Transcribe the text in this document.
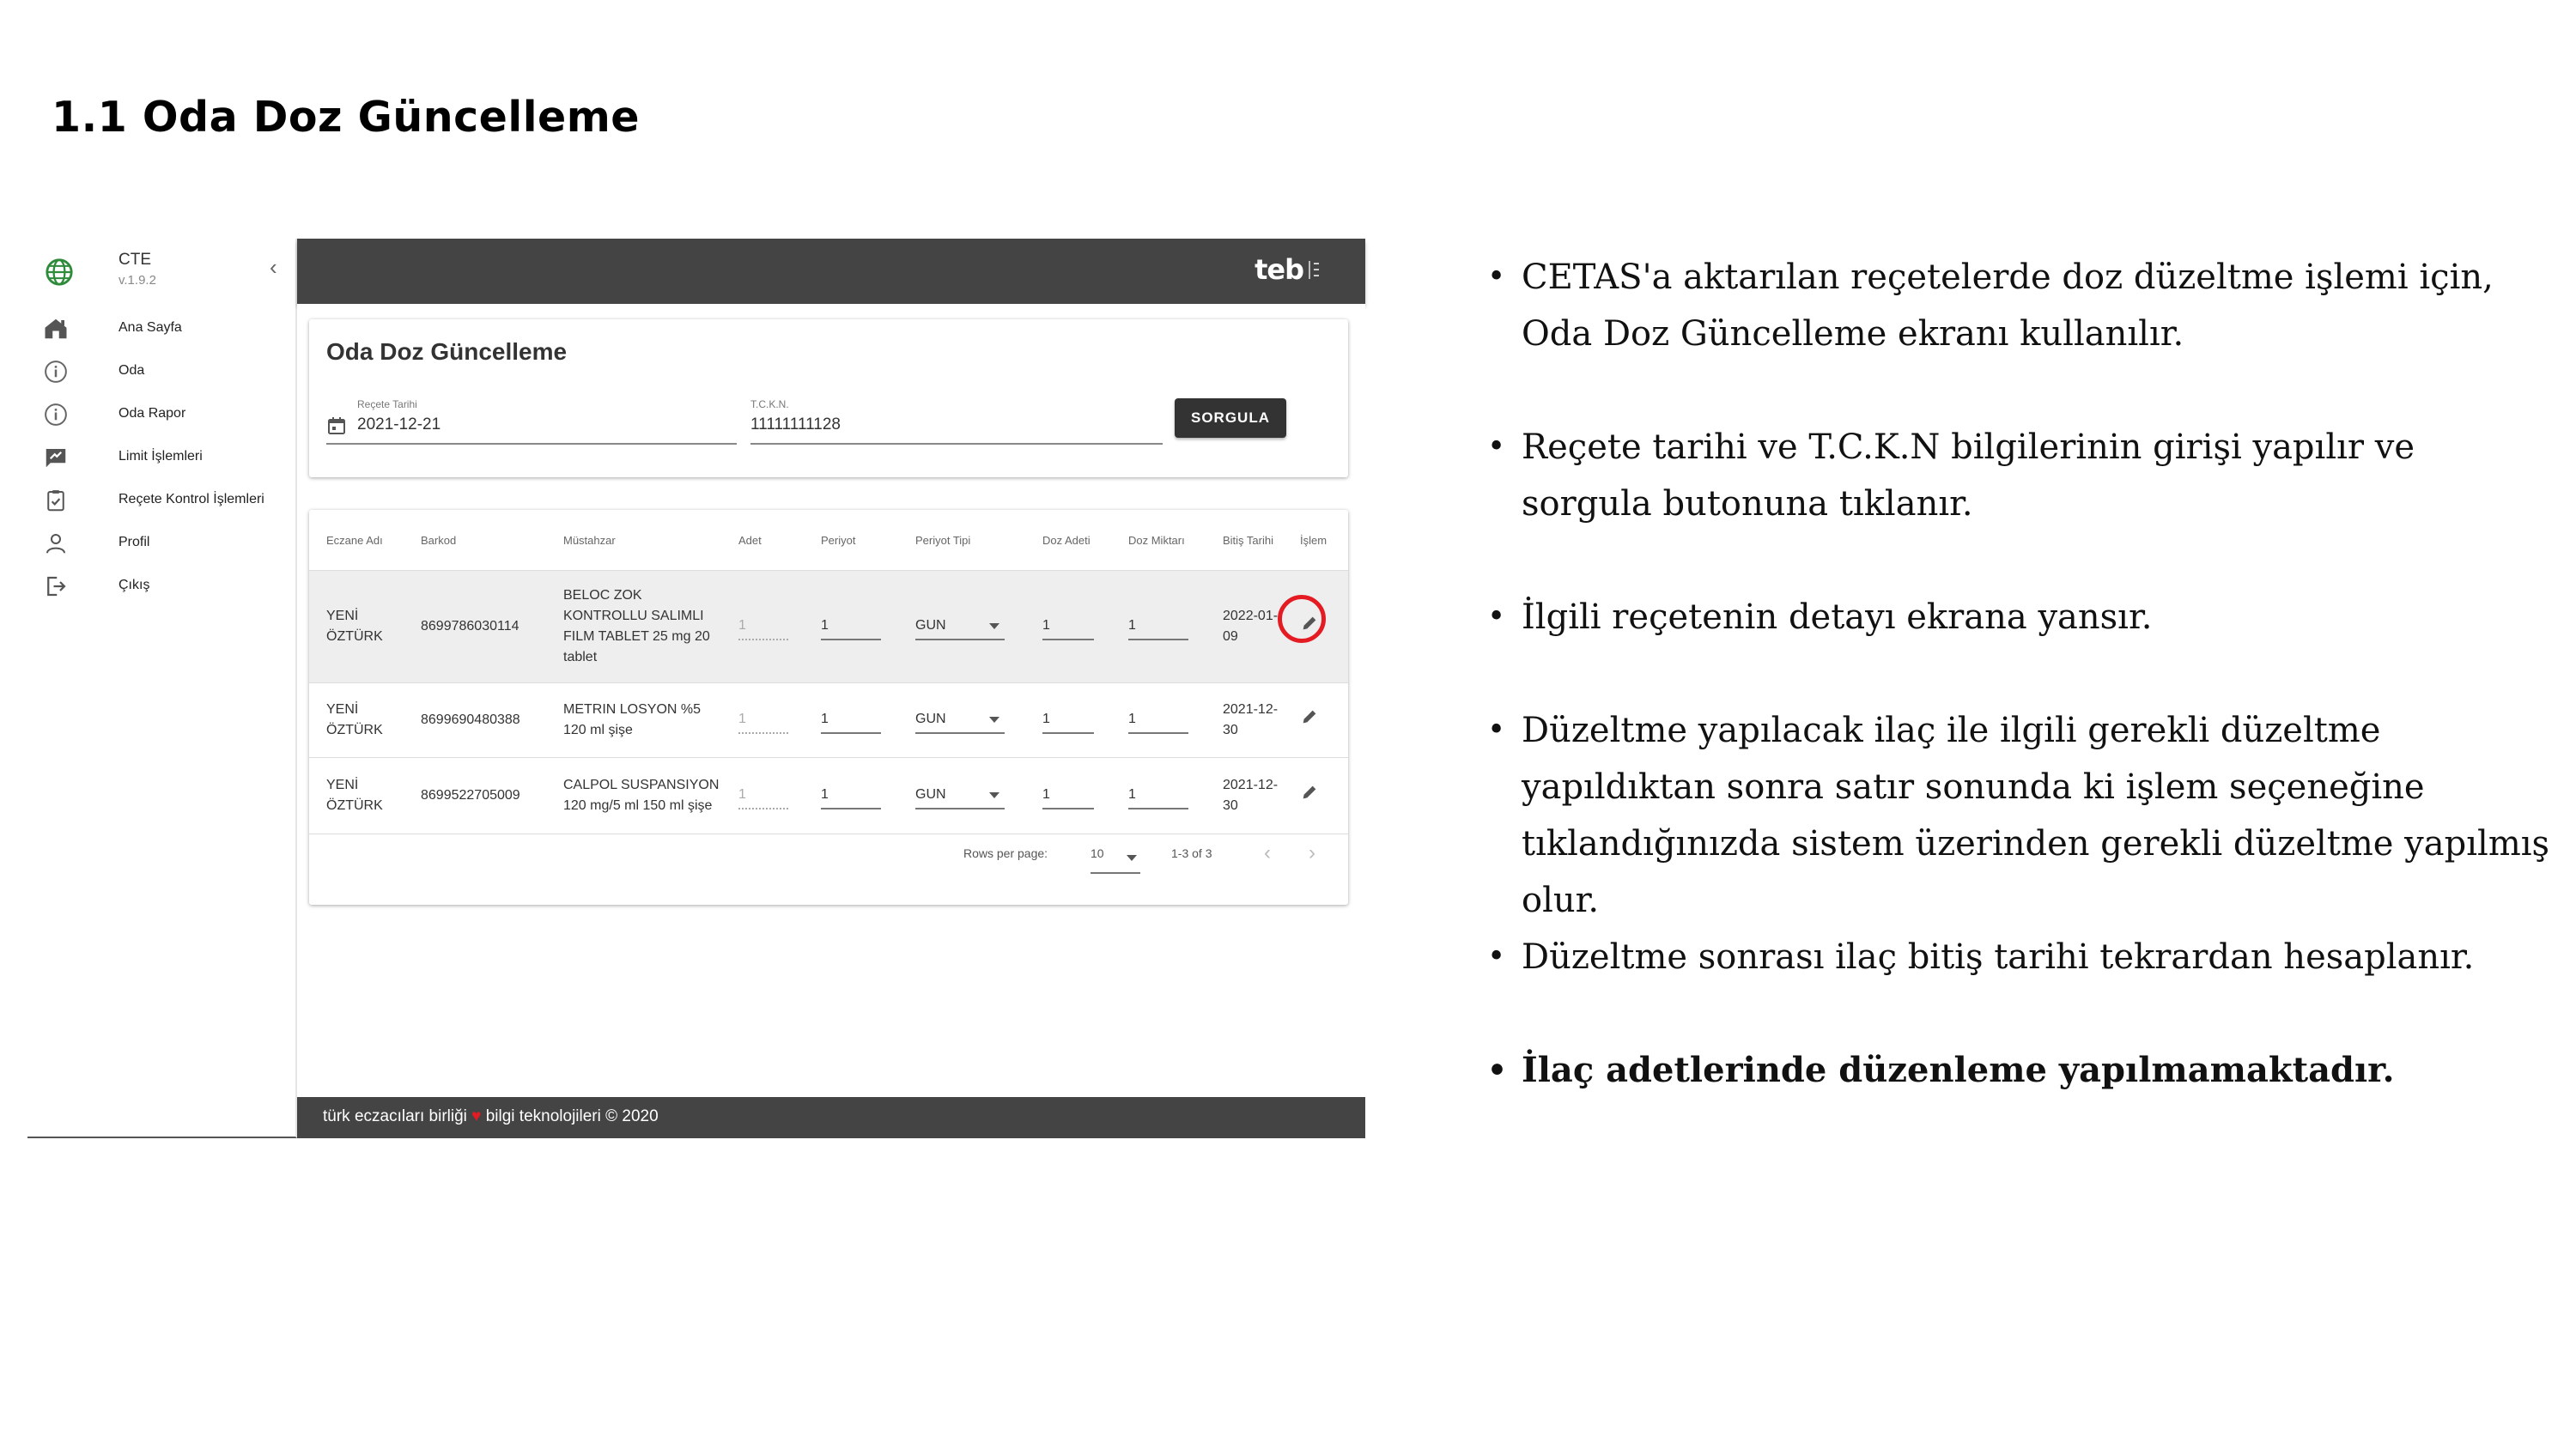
1.1 Oda Doz Güncelleme
CTE
v.1.9.2
‹
Ana Sayfa
Oda
Oda Rapor
Limit İşlemleri
Reçete Kontrol İşlemleri
Profil
Çıkış
teb	▬
▬
▬
Oda Doz Güncelleme
Reçete Tarihi
2021-12-21	T.C.K.N.
11111111128
SORGULA
Eczane Adı	Barkod	Müstahzar	Adet	Periyot	Periyot Tipi	Doz Adeti	Doz Miktarı	Bitiş Tarihi	İşlem
YENİ ÖZTÜRK	8699786030114	BELOC ZOK KONTROLLU SALIMLI FILM TABLET 25 mg 20 tablet	1	1	GUN	1	1	2022-01-09	
YENİ ÖZTÜRK	8699690480388	METRIN LOSYON %5 120 ml şişe	1	1	GUN	1	1	2021-12-30	
YENİ ÖZTÜRK	8699522705009	CALPOL SUSPANSIYON 120 mg/5 ml 150 ml şişe	1	1	GUN	1	1	2021-12-30	
Rows per page:	10	1-3 of 3	‹ ›
türk eczacıları birliği ♥ bilgi teknolojileri © 2020
• CETAS'a aktarılan reçetelerde doz düzeltme işlemi için, Oda Doz Güncelleme ekranı kullanılır.
• Reçete tarihi ve T.C.K.N bilgilerinin girişi yapılır ve sorgula butonuna tıklanır.
• İlgili reçetenin detayı ekrana yansır.
• Düzeltme yapılacak ilaç ile ilgili gerekli düzeltme yapıldıktan sonra satır sonunda ki işlem seçeneğine tıklandığınızda sistem üzerinden gerekli düzeltme yapılmış olur.
• Düzeltme sonrası ilaç bitiş tarihi tekrardan hesaplanır.
• İlaç adetlerinde düzenleme yapılmamaktadır.
